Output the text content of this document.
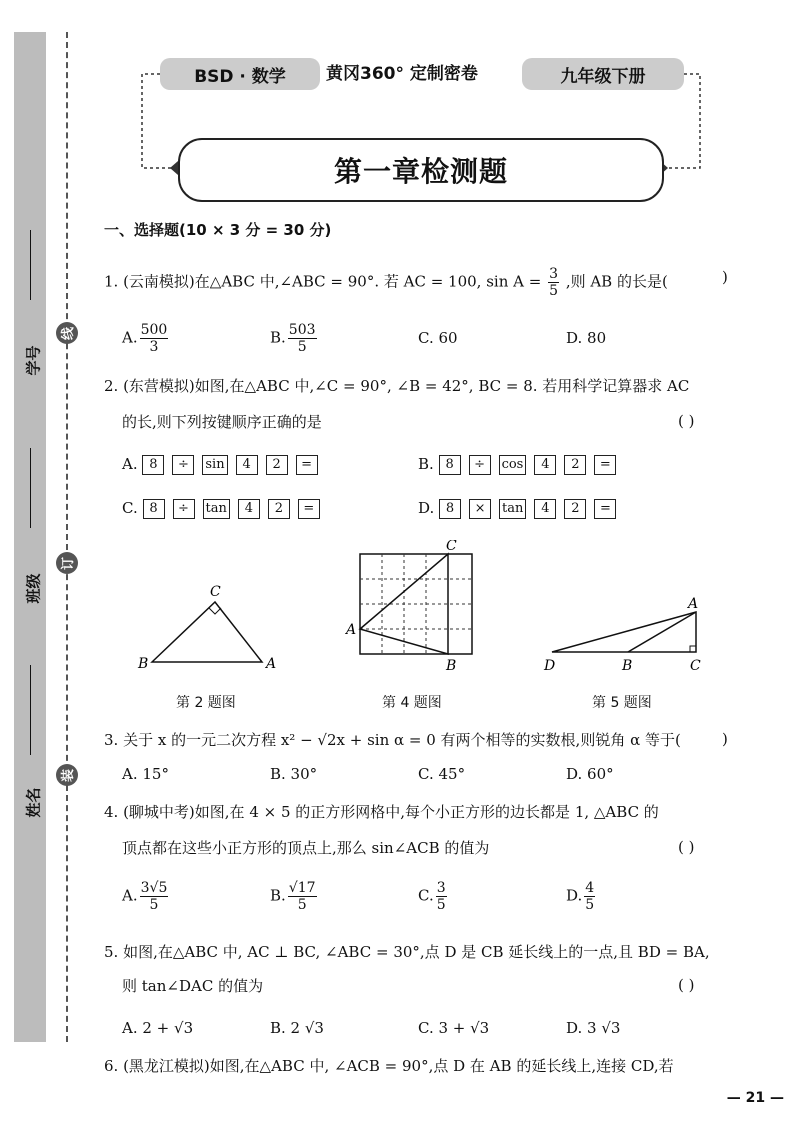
学号
班级
姓名
线
订
装
BSD · 数学	黄冈360° 定制密卷	九年级下册
第一章检测题
一、选择题(10 × 3 分 = 30 分)
1. (云南模拟)在△ABC 中,∠ABC = 90°. 若 AC = 100, $\sin A = \frac{3}{5}$ ,则 AB 的长是(	)
A. $\frac{500}{3}$	B. $\frac{503}{5}$	C. 60	D. 80
2. (东营模拟)如图,在△ABC 中,∠C = 90°, ∠B = 42°, BC = 8. 若用科学记算器求 AC
的长,则下列按键顺序正确的是	( )
A. 8 ÷ sin 4 2 =	B. 8 ÷ cos 4 2 =
C. 8 ÷ tan 4 2 =	D. 8 × tan 4 2 =
C
B	A
C
A
B
A
D	B	C
第 2 题图	第 4 题图	第 5 题图
3. 关于 x 的一元二次方程 x² − √2x + sin α = 0 有两个相等的实数根,则锐角 α 等于(	)
A. 15°	B. 30°	C. 45°	D. 60°
4. (聊城中考)如图,在 4 × 5 的正方形网格中,每个小正方形的边长都是 1, △ABC 的
顶点都在这些小正方形的顶点上,那么 sin∠ACB 的值为	( )
A. $\frac{3√5}{5}$	B. $\frac{√17}{5}$	C. $\frac{3}{5}$	D. $\frac{4}{5}$
5. 如图,在△ABC 中, AC ⊥ BC, ∠ABC = 30°,点 D 是 CB 延长线上的一点,且 BD = BA,
则 tan∠DAC 的值为	( )
A. 2 + √3	B. 2 √3	C. 3 + √3	D. 3 √3
6. (黑龙江模拟)如图,在△ABC 中, ∠ACB = 90°,点 D 在 AB 的延长线上,连接 CD,若
— 21 —
